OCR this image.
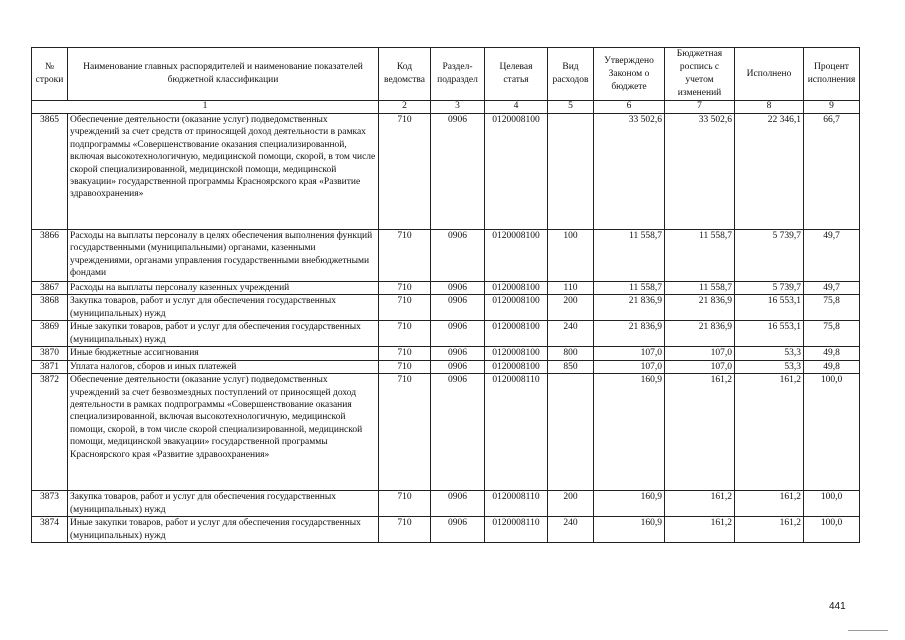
№ строки	Наименование главных распорядителей и наименование показателей бюджетной классификации	Код ведомства	Раздел-подраздел	Целевая статья	Вид расходов	Утверждено Законом о бюджете	Бюджетная роспись с учетом изменений	Исполнено	Процент исполнения
1		2	3	4	5	6	7	8	9
3865	Обеспечение деятельности (оказание услуг) подведомственных учреждений за счет средств от приносящей доход деятельности в рамках подпрограммы «Совершенствование оказания специализированной, включая высокотехнологичную, медицинской помощи, скорой, в том числе скорой специализированной, медицинской помощи, медицинской эвакуации» государственной программы Красноярского края «Развитие здравоохранения»	710	0906	0120008100		33 502,6	33 502,6	22 346,1	66,7
3866	Расходы на выплаты персоналу в целях обеспечения выполнения функций государственными (муниципальными) органами, казенными учреждениями, органами управления государственными внебюджетными фондами	710	0906	0120008100	100	11 558,7	11 558,7	5 739,7	49,7
3867	Расходы на выплаты персоналу казенных учреждений	710	0906	0120008100	110	11 558,7	11 558,7	5 739,7	49,7
3868	Закупка товаров, работ и услуг для обеспечения государственных (муниципальных) нужд	710	0906	0120008100	200	21 836,9	21 836,9	16 553,1	75,8
3869	Иные закупки товаров, работ и услуг для обеспечения государственных (муниципальных) нужд	710	0906	0120008100	240	21 836,9	21 836,9	16 553,1	75,8
3870	Иные бюджетные ассигнования	710	0906	0120008100	800	107,0	107,0	53,3	49,8
3871	Уплата налогов, сборов и иных платежей	710	0906	0120008100	850	107,0	107,0	53,3	49,8
3872	Обеспечение деятельности (оказание услуг) подведомственных учреждений за счет безвозмездных поступлений от приносящей доход деятельности в рамках подпрограммы «Совершенствование оказания специализированной, включая высокотехнологичную, медицинской помощи, скорой, в том числе скорой специализированной, медицинской помощи, медицинской эвакуации» государственной программы Красноярского края «Развитие здравоохранения»	710	0906	0120008110		160,9	161,2	161,2	100,0
3873	Закупка товаров, работ и услуг для обеспечения государственных (муниципальных) нужд	710	0906	0120008110	200	160,9	161,2	161,2	100,0
3874	Иные закупки товаров, работ и услуг для обеспечения государственных (муниципальных) нужд	710	0906	0120008110	240	160,9	161,2	161,2	100,0
441
